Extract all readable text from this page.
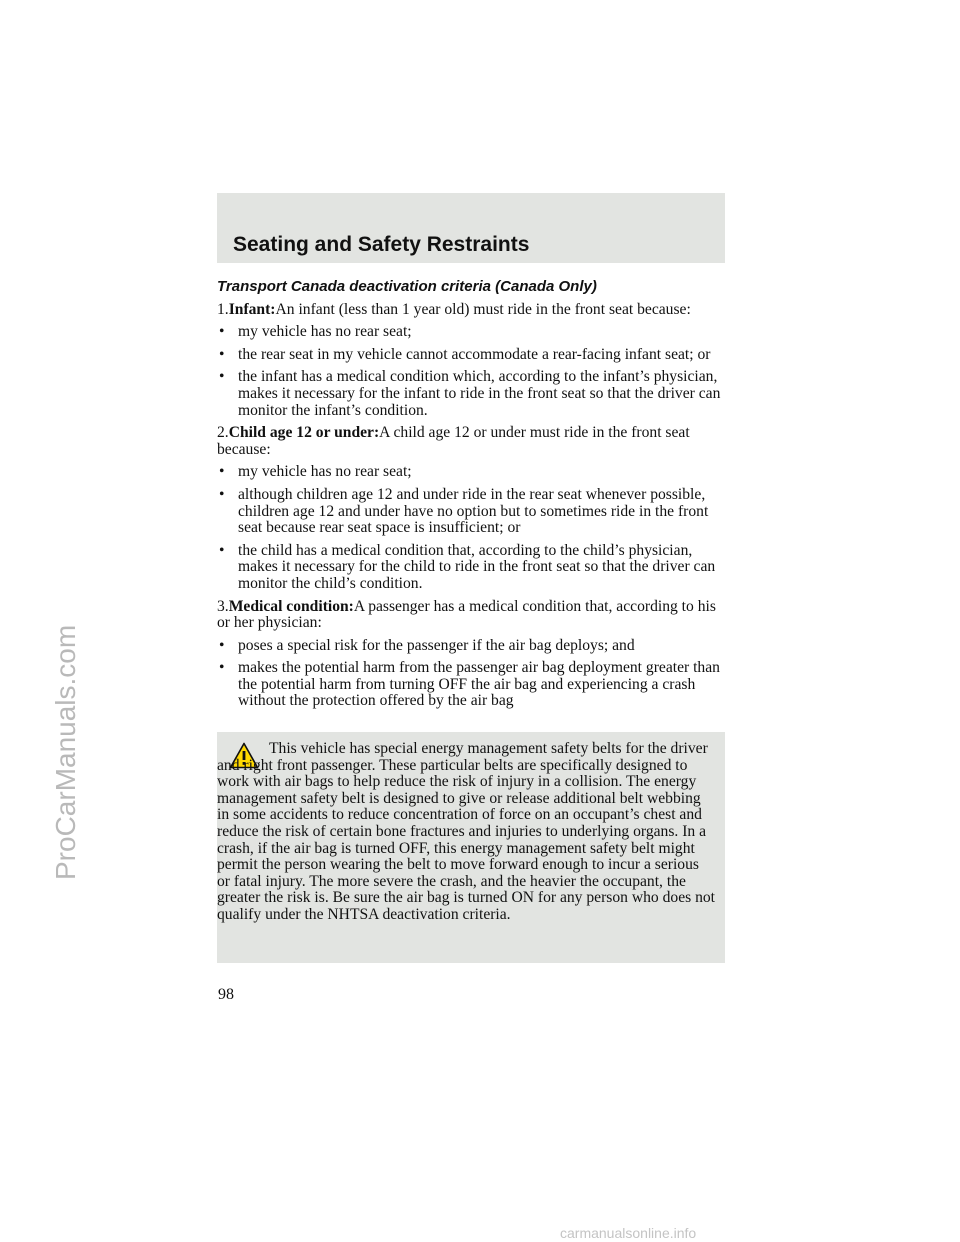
Seating and Safety Restraints

Transport Canada deactivation criteria (Canada Only)

1.Infant:An infant (less than 1 year old) must ride in the front seat because:

• my vehicle has no rear seat;
• the rear seat in my vehicle cannot accommodate a rear-facing infant seat; or
• the infant has a medical condition which, according to the infant’s physician, makes it necessary for the infant to ride in the front seat so that the driver can monitor the infant’s condition.

2.Child age 12 or under:A child age 12 or under must ride in the front seat because:

• my vehicle has no rear seat;
• although children age 12 and under ride in the rear seat whenever possible, children age 12 and under have no option but to sometimes ride in the front seat because rear seat space is insufficient; or
• the child has a medical condition that, according to the child’s physician, makes it necessary for the child to ride in the front seat so that the driver can monitor the child’s condition.

3.Medical condition:A passenger has a medical condition that, according to his or her physician:

• poses a special risk for the passenger if the air bag deploys; and
• makes the potential harm from the passenger air bag deployment greater than the potential harm from turning OFF the air bag and experiencing a crash without the protection offered by the air bag

This vehicle has special energy management safety belts for the driver and right front passenger. These particular belts are specifically designed to work with air bags to help reduce the risk of injury in a collision. The energy management safety belt is designed to give or release additional belt webbing in some accidents to reduce concentration of force on an occupant’s chest and reduce the risk of certain bone fractures and injuries to underlying organs. In a crash, if the air bag is turned OFF, this energy management safety belt might permit the person wearing the belt to move forward enough to incur a serious or fatal injury. The more severe the crash, and the heavier the occupant, the greater the risk is. Be sure the air bag is turned ON for any person who does not qualify under the NHTSA deactivation criteria.

98
ProCarManuals.com
carmanualsonline.info
